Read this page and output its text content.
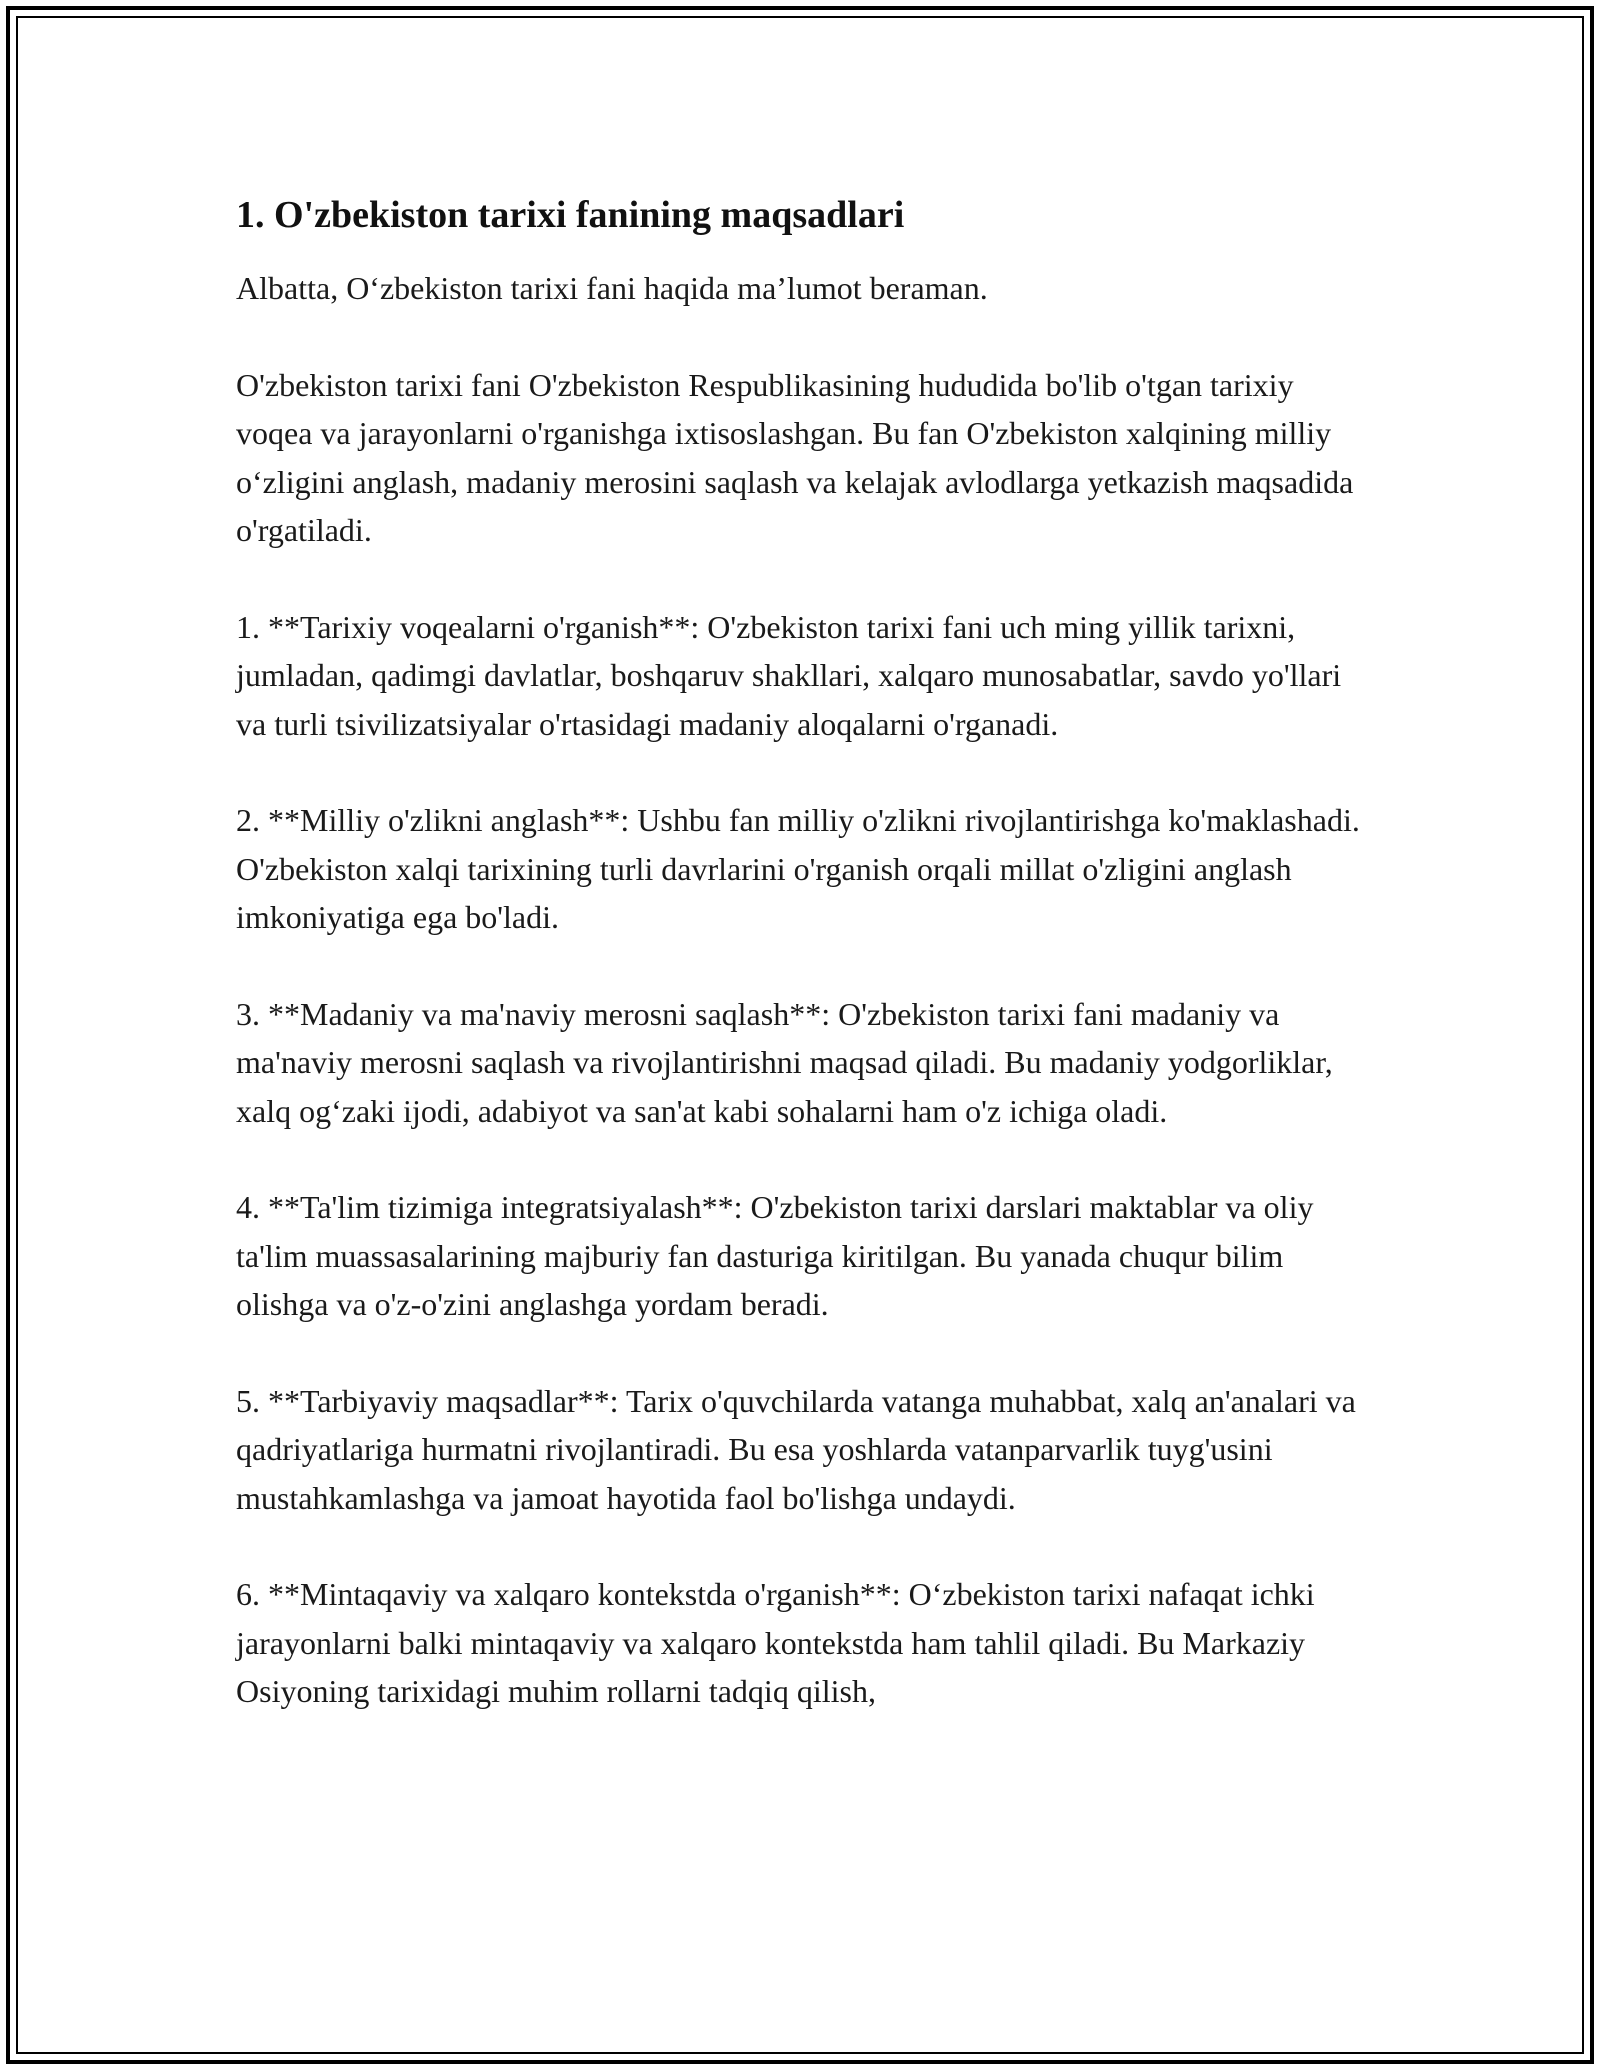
1. O'zbekiston tarixi fanining maqsadlari

Albatta, O‘zbekiston tarixi fani haqida ma’lumot beraman.

O'zbekiston tarixi fani O'zbekiston Respublikasining hududida bo'lib o'tgan tarixiy voqea va jarayonlarni o'rganishga ixtisoslashgan. Bu fan O'zbekiston xalqining milliy o‘zligini anglash, madaniy merosini saqlash va kelajak avlodlarga yetkazish maqsadida o'rgatiladi.

1. **Tarixiy voqealarni o'rganish**: O'zbekiston tarixi fani uch ming yillik tarixni, jumladan, qadimgi davlatlar, boshqaruv shakllari, xalqaro munosabatlar, savdo yo'llari va turli tsivilizatsiyalar o'rtasidagi madaniy aloqalarni o'rganadi.

2. **Milliy o'zlikni anglash**: Ushbu fan milliy o'zlikni rivojlantirishga ko'maklashadi. O'zbekiston xalqi tarixining turli davrlarini o'rganish orqali millat o'zligini anglash imkoniyatiga ega bo'ladi.

3. **Madaniy va ma'naviy merosni saqlash**: O'zbekiston tarixi fani madaniy va ma'naviy merosni saqlash va rivojlantirishni maqsad qiladi. Bu madaniy yodgorliklar, xalq og‘zaki ijodi, adabiyot va san'at kabi sohalarni ham o'z ichiga oladi.

4. **Ta'lim tizimiga integratsiyalash**: O'zbekiston tarixi darslari maktablar va oliy ta'lim muassasalarining majburiy fan dasturiga kiritilgan. Bu yanada chuqur bilim olishga va o'z-o'zini anglashga yordam beradi.

5. **Tarbiyaviy maqsadlar**: Tarix o'quvchilarda vatanga muhabbat, xalq an'analari va qadriyatlariga hurmatni rivojlantiradi. Bu esa yoshlarda vatanparvarlik tuyg'usini mustahkamlashga va jamoat hayotida faol bo'lishga undaydi.

6. **Mintaqaviy va xalqaro kontekstda o'rganish**: O‘zbekiston tarixi nafaqat ichki jarayonlarni balki mintaqaviy va xalqaro kontekstda ham tahlil qiladi. Bu Markaziy Osiyoning tarixidagi muhim rollarni tadqiq qilish,
